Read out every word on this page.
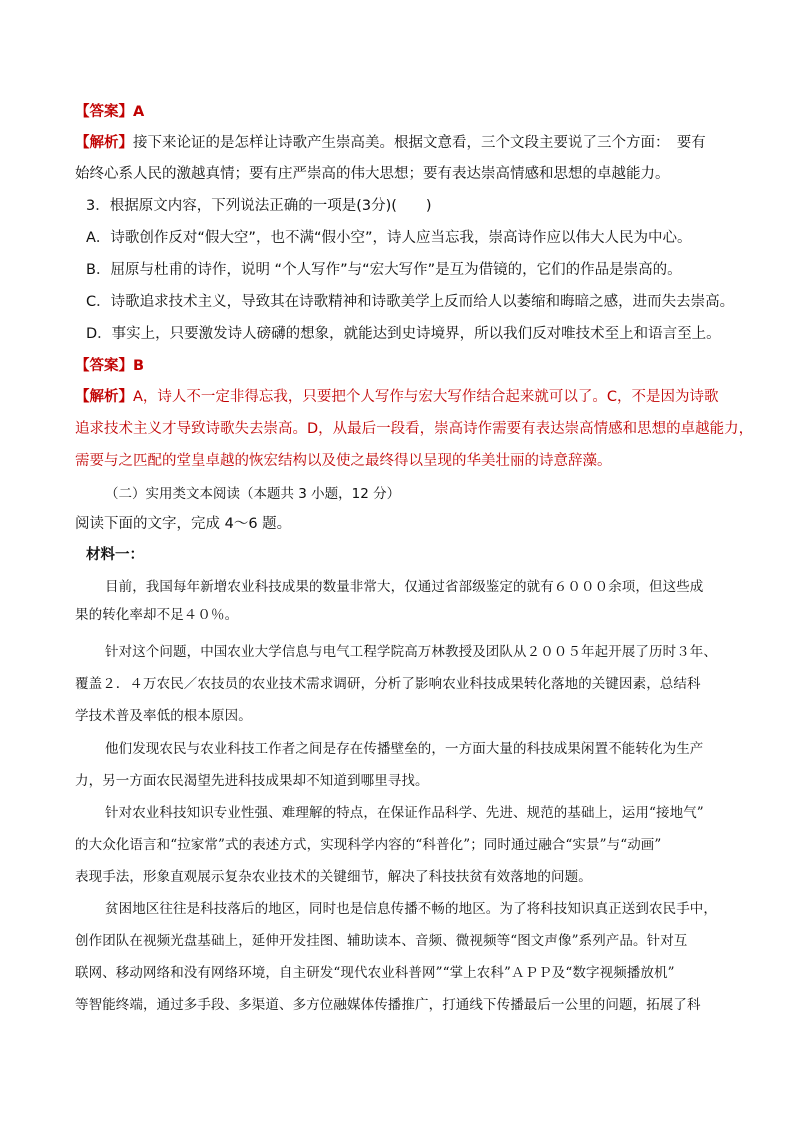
【答案】A
【解析】接下来论证的是怎样让诗歌产生崇高美。根据文意看，三个文段主要说了三个方面：　要有
始终心系人民的激越真情；要有庄严崇高的伟大思想；要有表达崇高情感和思想的卓越能力。
3．根据原文内容，下列说法正确的一项是(3分)(　　)
A．诗歌创作反对“假大空”，也不满“假小空”，诗人应当忘我，崇高诗作应以伟大人民为中心。
B．屈原与杜甫的诗作，说明 “个人写作”与“宏大写作”是互为借镜的，它们的作品是崇高的。
C．诗歌追求技术主义，导致其在诗歌精神和诗歌美学上反而给人以萎缩和晦暗之感，进而失去崇高。
D．事实上，只要激发诗人磅礴的想象，就能达到史诗境界，所以我们反对唯技术至上和语言至上。
【答案】B
【解析】A，诗人不一定非得忘我，只要把个人写作与宏大写作结合起来就可以了。C，不是因为诗歌
追求技术主义才导致诗歌失去崇高。D，从最后一段看，崇高诗作需要有表达崇高情感和思想的卓越能力，
需要与之匹配的堂皇卓越的恢宏结构以及使之最终得以呈现的华美壮丽的诗意辞藻。
（二）实用类文本阅读（本题共 3 小题，12 分）
阅读下面的文字，完成 4～6 题。
材料一：
目前，我国每年新增农业科技成果的数量非常大，仅通过省部级鉴定的就有６０００余项，但这些成
果的转化率却不足４０％。
针对这个问题，中国农业大学信息与电气工程学院高万林教授及团队从２００５年起开展了历时３年、
覆盖２．４万农民／农技员的农业技术需求调研，分析了影响农业科技成果转化落地的关键因素，总结科
学技术普及率低的根本原因。
他们发现农民与农业科技工作者之间是存在传播壁垒的，一方面大量的科技成果闲置不能转化为生产
力，另一方面农民渴望先进科技成果却不知道到哪里寻找。
针对农业科技知识专业性强、难理解的特点，在保证作品科学、先进、规范的基础上，运用“接地气”
的大众化语言和“拉家常”式的表述方式，实现科学内容的“科普化”；同时通过融合“实景”与“动画”
表现手法，形象直观展示复杂农业技术的关键细节，解决了科技扶贫有效落地的问题。
贫困地区往往是科技落后的地区，同时也是信息传播不畅的地区。为了将科技知识真正送到农民手中，
创作团队在视频光盘基础上，延伸开发挂图、辅助读本、音频、微视频等“图文声像”系列产品。针对互
联网、移动网络和没有网络环境，自主研发“现代农业科普网”“掌上农科”ＡＰＰ及“数字视频播放机”
等智能终端，通过多手段、多渠道、多方位融媒体传播推广，打通线下传播最后一公里的问题，拓展了科
